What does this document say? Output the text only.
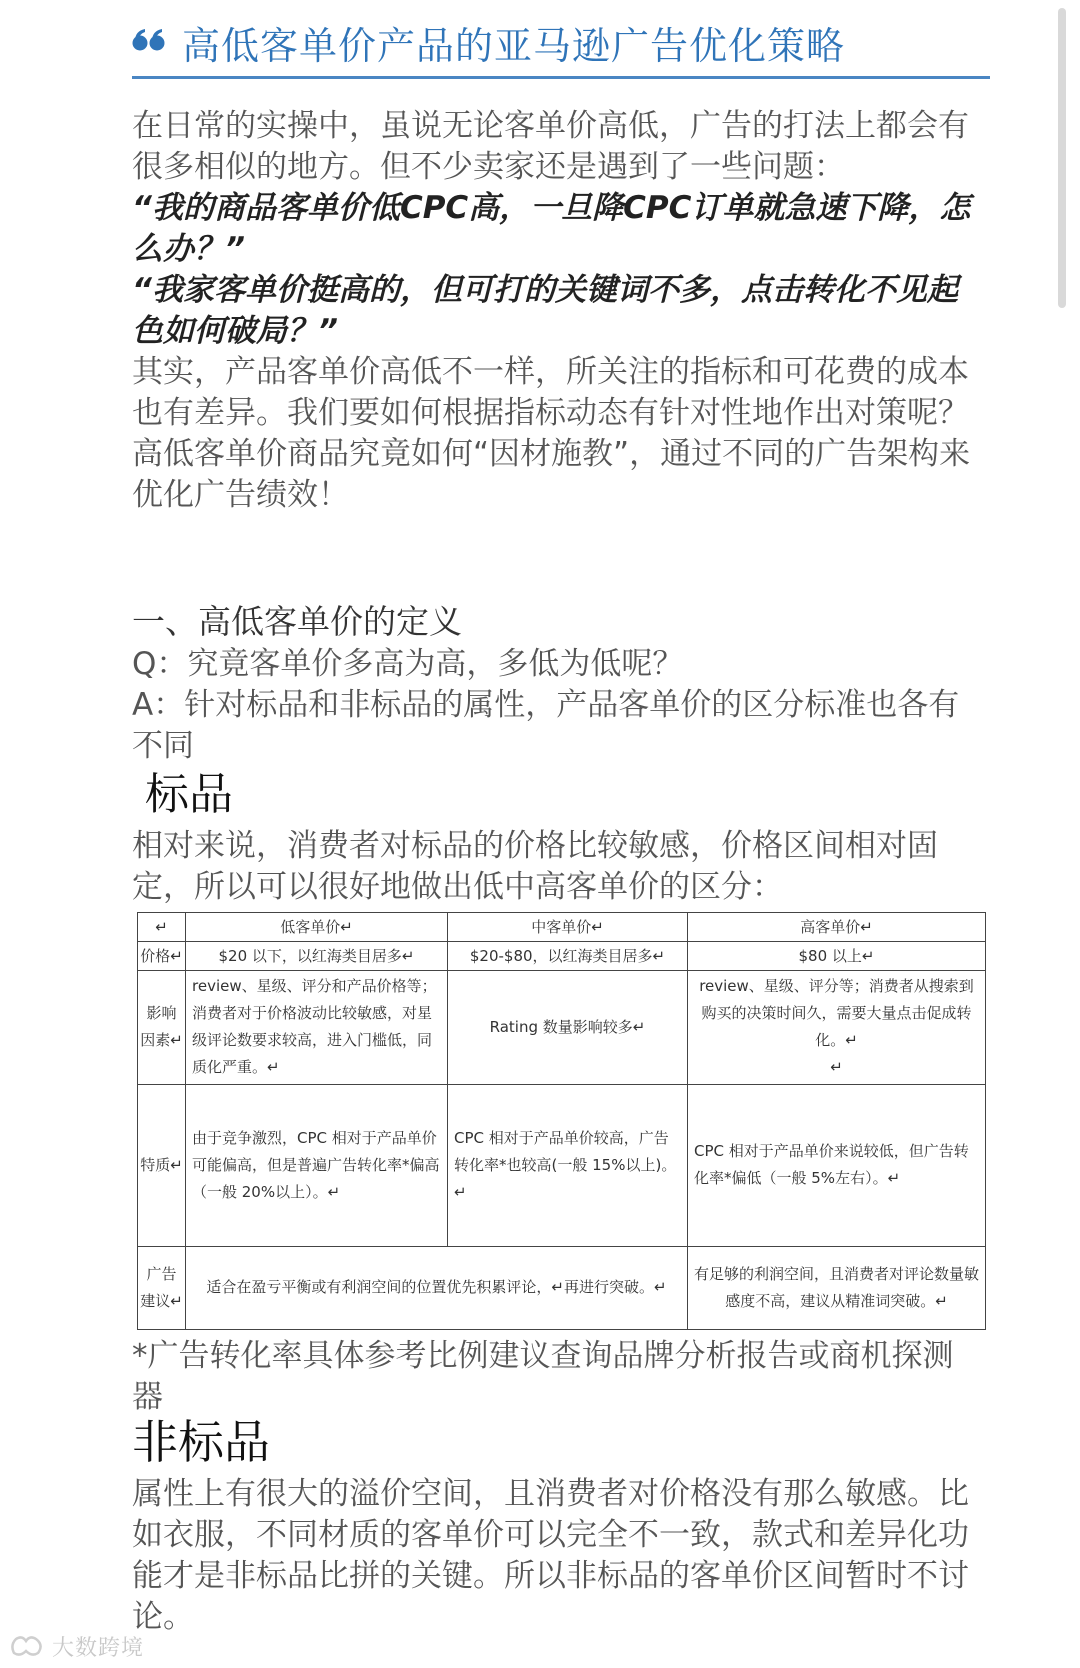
高低客单价产品的亚马逊广告优化策略

在日常的实操中，虽说无论客单价高低，广告的打法上都会有很多相似的地方。但不少卖家还是遇到了一些问题：

“我的商品客单价低CPC高，一旦降CPC订单就急速下降，怎么办？”

“我家客单价挺高的，但可打的关键词不多，点击转化不见起色如何破局？”

其实，产品客单价高低不一样，所关注的指标和可花费的成本也有差异。我们要如何根据指标动态有针对性地作出对策呢？高低客单价商品究竟如何“因材施教”，通过不同的广告架构来优化广告绩效！

一、高低客单价的定义

Q：究竟客单价多高为高，多低为低呢？

A：针对标品和非标品的属性，产品客单价的区分标准也各有不同

标品

相对来说，消费者对标品的价格比较敏感，价格区间相对固定，所以可以很好地做出低中高客单价的区分：

↵	低客单价↵	中客单价↵	高客单价↵
价格↵	$20 以下，以红海类目居多↵	$20-$80，以红海类目居多↵	$80 以上↵
影响因素↵	review、星级、评分和产品价格等；消费者对于价格波动比较敏感，对星级评论数要求较高，进入门槛低，同质化严重。↵	Rating 数量影响较多↵	review、星级、评分等；消费者从搜索到购买的决策时间久，需要大量点击促成转化。↵
↵

特质↵	由于竞争激烈，CPC 相对于产品单价可能偏高，但是普遍广告转化率*偏高（一般 20%以上）。↵	CPC 相对于产品单价较高，广告转化率*也较高(一般 15%以上)。↵	CPC 相对于产品单价来说较低，但广告转化率*偏低（一般 5%左右）。↵
广告建议↵	适合在盈亏平衡或有利润空间的位置优先积累评论，↵再进行突破。↵		有足够的利润空间，且消费者对评论数量敏感度不高，建议从精准词突破。↵

*广告转化率具体参考比例建议查询品牌分析报告或商机探测器

非标品

属性上有很大的溢价空间，且消费者对价格没有那么敏感。比如衣服，不同材质的客单价可以完全不一致，款式和差异化功能才是非标品比拼的关键。所以非标品的客单价区间暂时不讨论。

大数跨境
